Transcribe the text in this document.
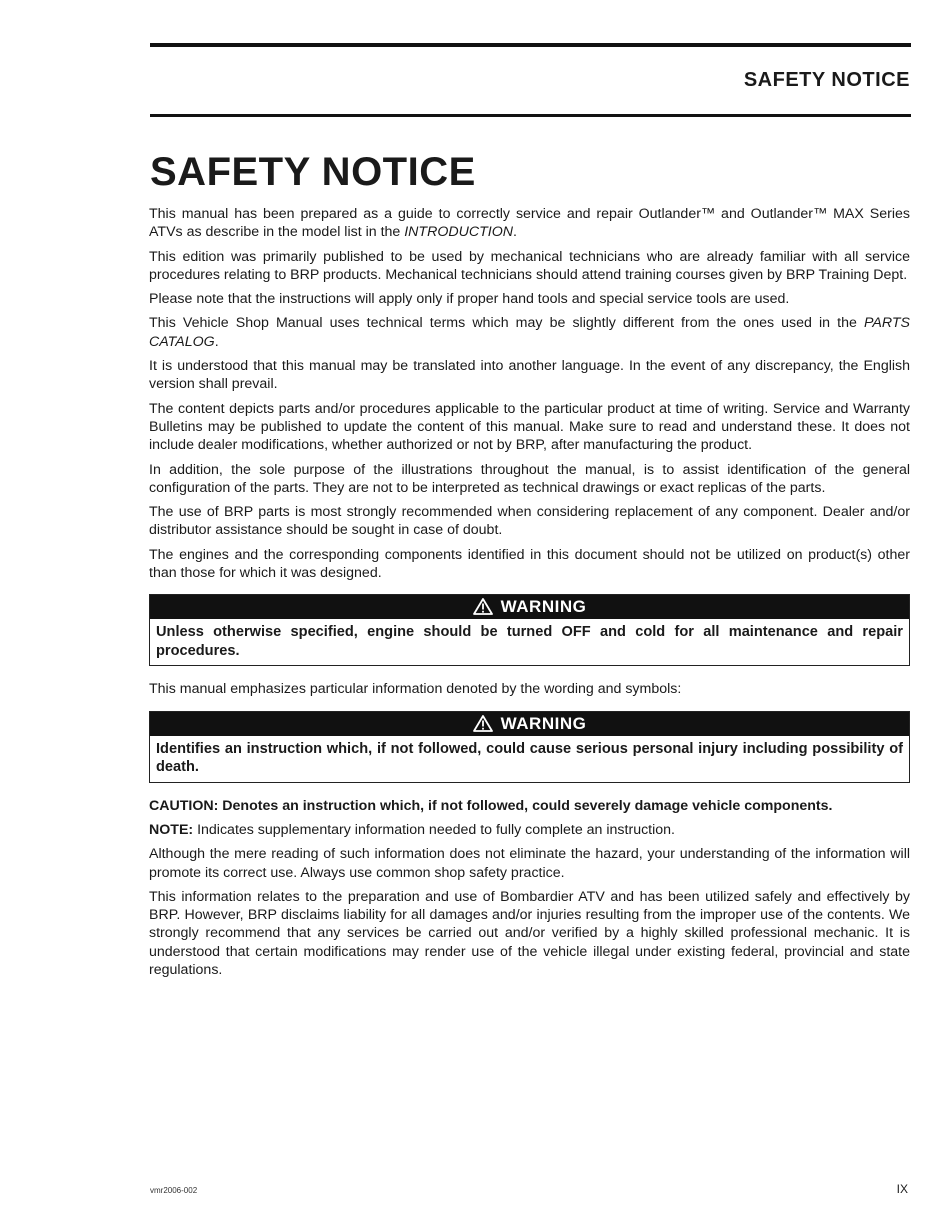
SAFETY NOTICE
SAFETY NOTICE

This manual has been prepared as a guide to correctly service and repair Outlander™ and Outlander™ MAX Series ATVs as describe in the model list in the INTRODUCTION.

This edition was primarily published to be used by mechanical technicians who are already familiar with all service procedures relating to BRP products. Mechanical technicians should attend training courses given by BRP Training Dept.

Please note that the instructions will apply only if proper hand tools and special service tools are used.

This Vehicle Shop Manual uses technical terms which may be slightly different from the ones used in the PARTS CATALOG.

It is understood that this manual may be translated into another language. In the event of any discrepancy, the English version shall prevail.

The content depicts parts and/or procedures applicable to the particular product at time of writing. Service and Warranty Bulletins may be published to update the content of this manual. Make sure to read and understand these. It does not include dealer modifications, whether authorized or not by BRP, after manufacturing the product.

In addition, the sole purpose of the illustrations throughout the manual, is to assist identification of the general configuration of the parts. They are not to be interpreted as technical drawings or exact replicas of the parts.

The use of BRP parts is most strongly recommended when considering replacement of any component. Dealer and/or distributor assistance should be sought in case of doubt.

The engines and the corresponding components identified in this document should not be utilized on product(s) other than those for which it was designed.

WARNING
Unless otherwise specified, engine should be turned OFF and cold for all maintenance and repair procedures.

This manual emphasizes particular information denoted by the wording and symbols:

WARNING
Identifies an instruction which, if not followed, could cause serious personal injury including possibility of death.

CAUTION: Denotes an instruction which, if not followed, could severely damage vehicle components.

NOTE: Indicates supplementary information needed to fully complete an instruction.

Although the mere reading of such information does not eliminate the hazard, your understanding of the information will promote its correct use. Always use common shop safety practice.

This information relates to the preparation and use of Bombardier ATV and has been utilized safely and effectively by BRP. However, BRP disclaims liability for all damages and/or injuries resulting from the improper use of the contents. We strongly recommend that any services be carried out and/or verified by a highly skilled professional mechanic. It is understood that certain modifications may render use of the vehicle illegal under existing federal, provincial and state regulations.

vmr2006-002	IX
